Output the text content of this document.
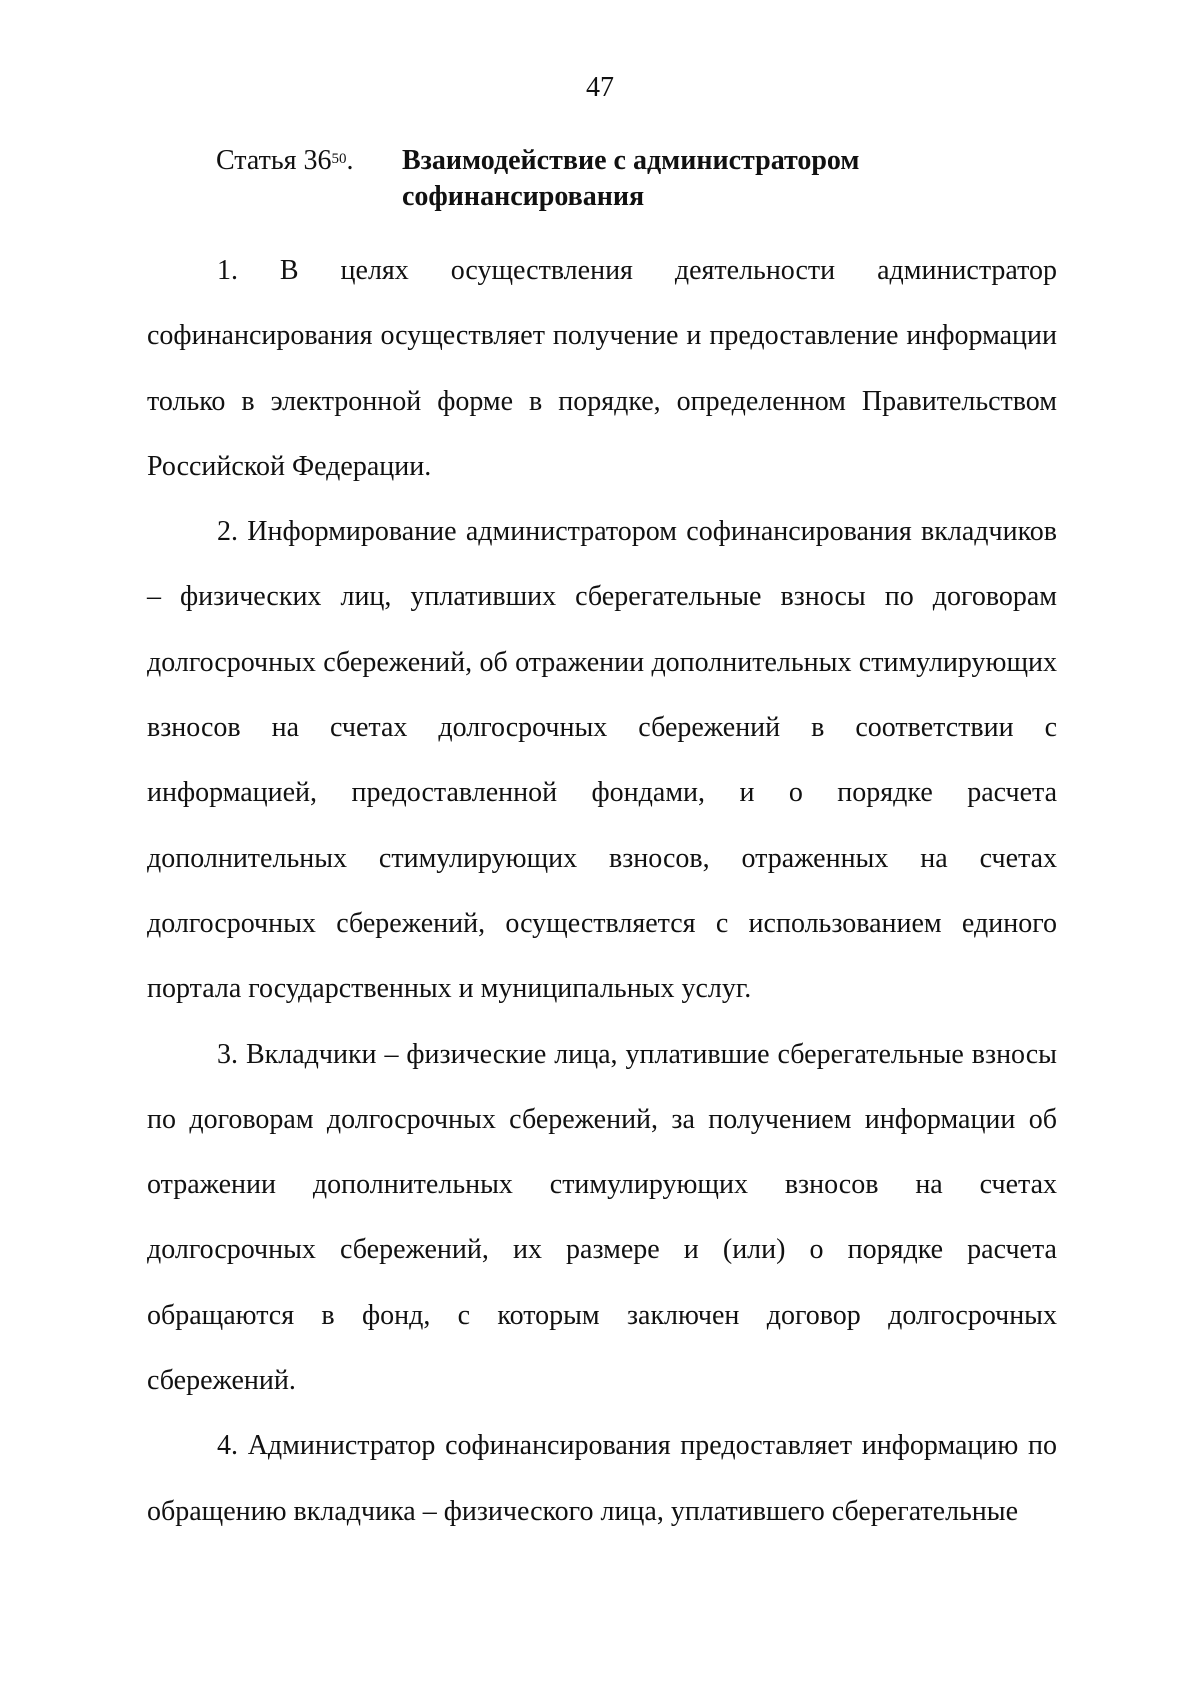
47
Статья $36^{50}$.	Взаимодействие с администратором софинансирования

1. В целях осуществления деятельности администратор софинансирования осуществляет получение и предоставление информации только в электронной форме в порядке, определенном Правительством Российской Федерации.

2. Информирование администратором софинансирования вкладчиков – физических лиц, уплативших сберегательные взносы по договорам долгосрочных сбережений, об отражении дополнительных стимулирующих взносов на счетах долгосрочных сбережений в соответствии с информацией, предоставленной фондами, и о порядке расчета дополнительных стимулирующих взносов, отраженных на счетах долгосрочных сбережений, осуществляется с использованием единого портала государственных и муниципальных услуг.

3. Вкладчики – физические лица, уплатившие сберегательные взносы по договорам долгосрочных сбережений, за получением информации об отражении дополнительных стимулирующих взносов на счетах долгосрочных сбережений, их размере и (или) о порядке расчета обращаются в фонд, с которым заключен договор долгосрочных сбережений.

4. Администратор софинансирования предоставляет информацию по обращению вкладчика – физического лица, уплатившего сберегательные
